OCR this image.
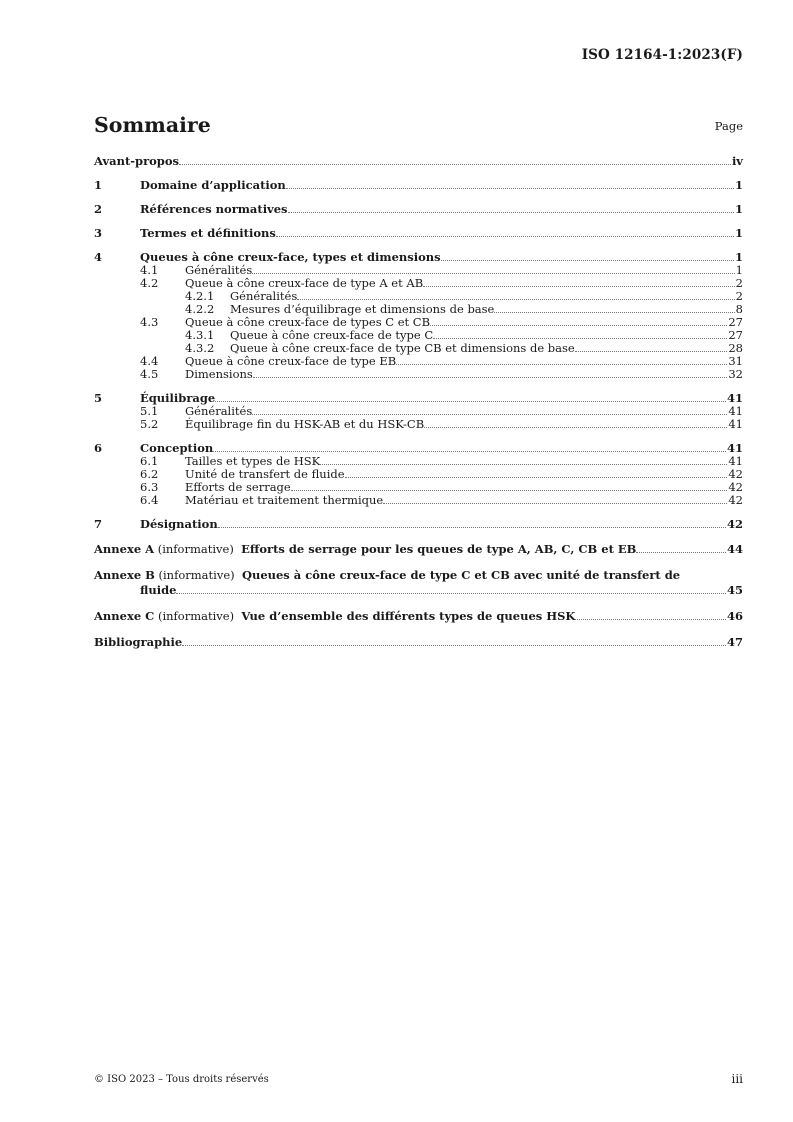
ISO 12164-1:2023(F)

Sommaire	Page
Avant-propos	iv
1	Domaine d’application	1
2	Références normatives	1
3	Termes et définitions	1
4	Queues à cône creux-face, types et dimensions	1
4.1 Généralités	1
4.2 Queue à cône creux-face de type A et AB	2
4.2.1 Généralités	2
4.2.2 Mesures d’équilibrage et dimensions de base	8
4.3 Queue à cône creux-face de types C et CB	27
4.3.1 Queue à cône creux-face de type C	27
4.3.2 Queue à cône creux-face de type CB et dimensions de base	28
4.4 Queue à cône creux-face de type EB	31
4.5 Dimensions	32
5	Équilibrage	41
5.1 Généralités	41
5.2 Équilibrage fin du HSK-AB et du HSK-CB	41
6	Conception	41
6.1 Tailles et types de HSK	41
6.2 Unité de transfert de fluide	42
6.3 Efforts de serrage	42
6.4 Matériau et traitement thermique	42
7	Désignation	42
Annexe A (informative) Efforts de serrage pour les queues de type A, AB, C, CB et EB	44
Annexe B (informative) Queues à cône creux-face de type C et CB avec unité de transfert de
fluide	45
Annexe C (informative) Vue d’ensemble des différents types de queues HSK	46
Bibliographie	47

© ISO 2023 – Tous droits réservés	iii
